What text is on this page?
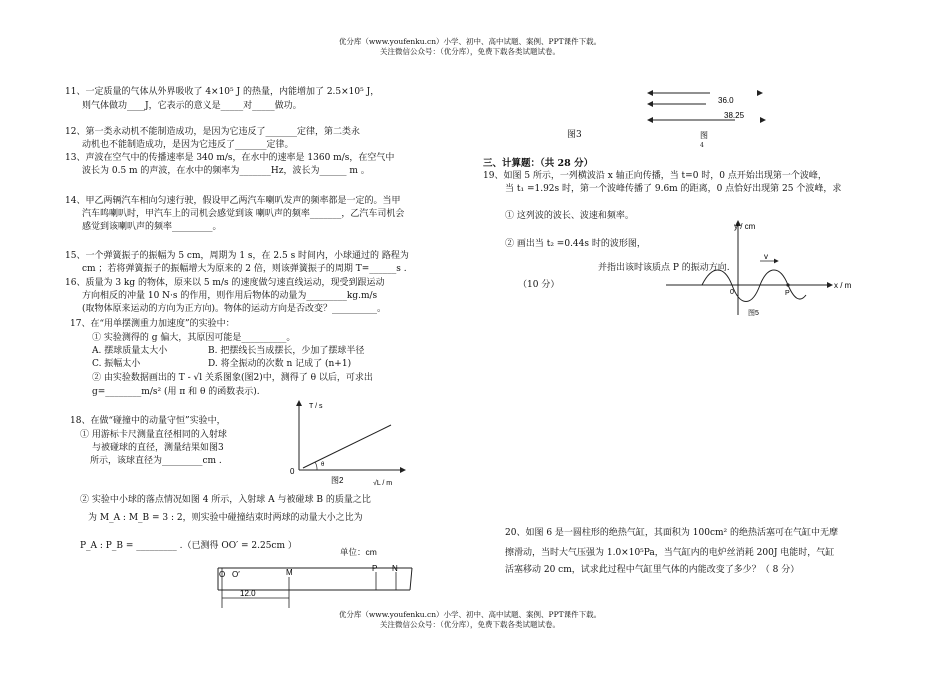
优分库（www.youfenku.cn）小学、初中、高中试题、案例、PPT课件下载。
关注微信公众号：（优分库），免费下载各类试题试卷。
11、一定质量的气体从外界吸收了 4×10⁵ J 的热量，内能增加了 2.5×10⁵ J，
则气体做功____J，它表示的意义是_____对_____做功。
12、第一类永动机不能制造成功，是因为它违反了_______定律，第二类永
动机也不能制造成功，是因为它违反了_______定律。
13、声波在空气中的传播速率是 340 m/s，在水中的速率是 1360 m/s，在空气中
波长为 0.5 m 的声波，在水中的频率为_______Hz，波长为______ m 。
14、甲乙两辆汽车相向匀速行驶，假设甲乙两汽车喇叭发声的频率都是一定的。当甲
汽车鸣喇叭时，甲汽车上的司机会感觉到该 喇叭声的频率_______，乙汽车司机会
感觉到该喇叭声的频率_________。
15、一个弹簧振子的振幅为 5 cm，周期为 1 s，在 2.5 s 时间内，小球通过的 路程为
cm ；若将弹簧振子的振幅增大为原来的 2 倍，则该弹簧振子的周期 T=______s .
16、质量为 3 kg 的物体，原来以 5 m/s 的速度做匀速直线运动，现受到跟运动
方向相反的冲量 10 N·s 的作用，则作用后物体的动量为_________kg.m/s
(取物体原来运动的方向为正方向)。物体的运动方向是否改变？__________。
17、在“用单摆测重力加速度”的实验中：
① 实验测得的 g 偏大，其原因可能是__________。
A. 摆球质量太大小	B. 把摆线长当成摆长，少加了摆球半径
C. 振幅太小	D. 将全振动的次数 n 记成了 (n+1)
② 由实验数据画出的 T - √l 关系图象(图2)中，测得了 θ 以后，可求出
g=________m/s² (用 π 和 θ 的函数表示).
18、在做“碰撞中的动量守恒”实验中，
① 用游标卡尺测量直径相同的入射球
与被碰球的直径，测量结果如图3
所示，该球直径为_________cm .
② 实验中小球的落点情况如图 4 所示，入射球 A 与被碰球 B 的质量之比
为 M_A : M_B = 3 : 2，则实验中碰撞结束时两球的动量大小之比为
P_A : P_B = _________ .（已测得 OO′ = 2.25cm ）
单位：cm
T / s
0
θ
图2	√L / m
O O′	M	P N
12.0
36.0
38.25
图
图3
4
三、计算题：（共 28 分）
19、如图 5 所示，一列横波沿 x 轴正向传播，当 t=0 时，0 点开始出现第一个波峰，
当 t₁ =1.92s 时，第一个波峰传播了 9.6m 的距离，0 点恰好出现第 25 个波峰，求
① 这列波的波长、波速和频率。
② 画出当 t₂ =0.44s 时的波形图，
并指出该时该质点 P 的振动方向.
（10 分）
y / cm
x / m
0	P
v
图5
20、如图 6 是一圆柱形的绝热气缸，其面积为 100cm² 的绝热活塞可在气缸中无摩
擦滑动，当时大气压强为 1.0×10⁵Pa，当气缸内的电炉丝消耗 200J 电能时，气缸
活塞移动 20 cm，试求此过程中气缸里气体的内能改变了多少？（ 8 分）
优分库（www.youfenku.cn）小学、初中、高中试题、案例、PPT课件下载。
关注微信公众号：（优分库），免费下载各类试题试卷。
